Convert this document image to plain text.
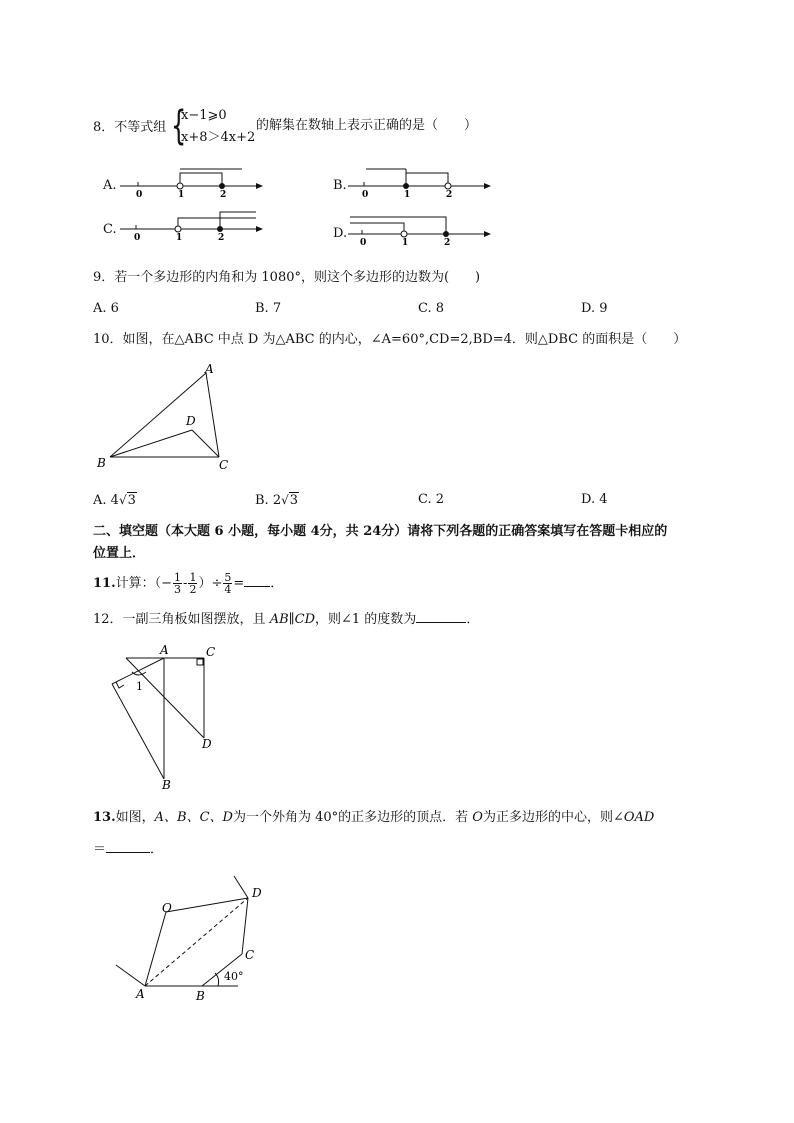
8．不等式组 {
x−1⩾0
x+8＞4x+2
的解集在数轴上表示正确的是（　　）
A.
0	1	2
B.
0	1	2
C.
0	1	2	D.
0	1	2
9．若一个多边形的内角和为 1080°，则这个多边形的边数为(　　)
A. 6	B. 7	C. 8	D. 9
10．如图，在△ABC 中点 D 为△ABC 的内心，∠A=60°,CD=2,BD=4．则△DBC 的面积是（　　）
A
B	C
D
A. 4√3	B. 2√3	C. 2	D. 4
二、填空题（本大题 6 小题，每小题 4分，共 24分）请将下列各题的正确答案填写在答题卡相应的
位置上．
11.计算：（− $\frac{1}{3} - \frac{1}{2}$ ）÷ $\frac{5}{4}$ = ．
12．一副三角板如图摆放，且 AB∥CD，则∠1 的度数为	．
A	C
D
B
1
13.如图，A、B、C、D为一个外角为 40°的正多边形的顶点．若 O为正多边形的中心，则∠OAD
＝	．
A	B
C
D
O
40°
